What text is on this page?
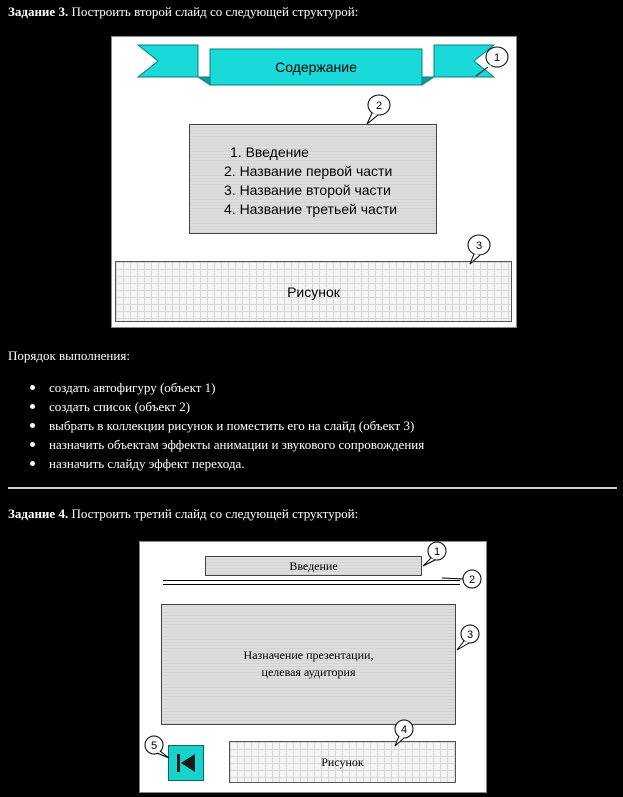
Задание 3. Построить второй слайд со следующей структурой:
Содержание
1. Введение
2. Название первой части
3. Название второй части
4. Название третьей части
Рисунок
1
2
3
Порядок выполнения:
создать автофигуру (объект 1)
создать список (объект 2)
выбрать в коллекции рисунок и поместить его на слайд (объект 3)
назначить объектам эффекты анимации и звукового сопровождения
назначить слайду эффект перехода.
Задание 4. Построить третий слайд со следующей структурой:
Введение
Назначение презентации,
целевая аудитория
Рисунок
1
2
3
4
5
